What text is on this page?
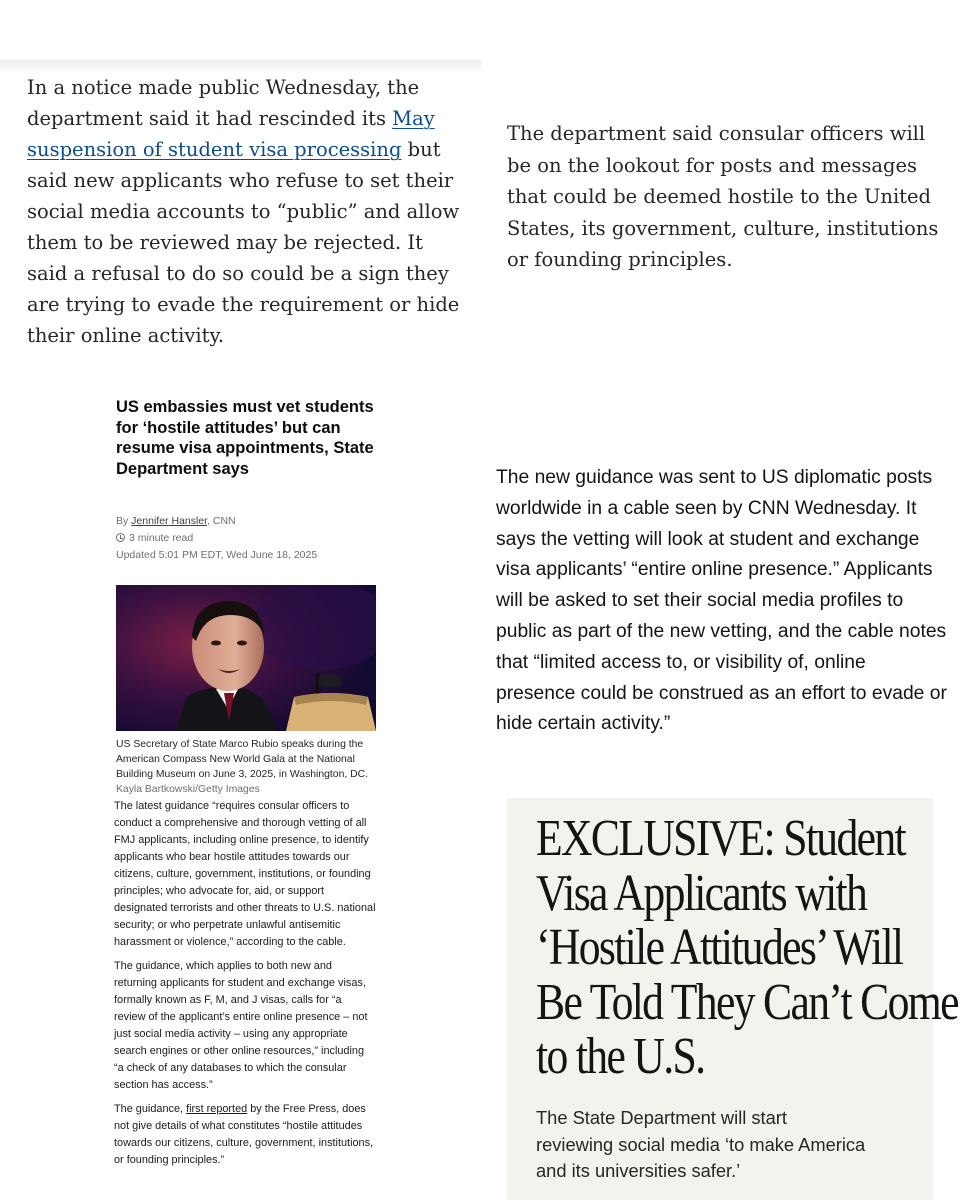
In a notice made public Wednesday, the department said it had rescinded its May suspension of student visa processing but said new applicants who refuse to set their social media accounts to “public” and allow them to be reviewed may be rejected. It said a refusal to do so could be a sign they are trying to evade the requirement or hide their online activity.

The department said consular officers will be on the lookout for posts and messages that could be deemed hostile to the United States, its government, culture, institutions or founding principles.

US embassies must vet students for ‘hostile attitudes’ but can resume visa appointments, State Department says
By Jennifer Hansler, CNN
3 minute read
Updated 5:01 PM EDT, Wed June 18, 2025
US Secretary of State Marco Rubio speaks during the American Compass New World Gala at the National Building Museum on June 3, 2025, in Washington, DC.
Kayla Bartkowski/Getty Images

The latest guidance “requires consular officers to conduct a comprehensive and thorough vetting of all FMJ applicants, including online presence, to identify applicants who bear hostile attitudes towards our citizens, culture, government, institutions, or founding principles; who advocate for, aid, or support designated terrorists and other threats to U.S. national security; or who perpetrate unlawful antisemitic harassment or violence,” according to the cable.

The guidance, which applies to both new and returning applicants for student and exchange visas, formally known as F, M, and J visas, calls for “a review of the applicant’s entire online presence – not just social media activity – using any appropriate search engines or other online resources,” including “a check of any databases to which the consular section has access.”

The guidance, first reported by the Free Press, does not give details of what constitutes “hostile attitudes towards our citizens, culture, government, institutions, or founding principles.”

The new guidance was sent to US diplomatic posts worldwide in a cable seen by CNN Wednesday. It says the vetting will look at student and exchange visa applicants’ “entire online presence.” Applicants will be asked to set their social media profiles to public as part of the new vetting, and the cable notes that “limited access to, or visibility of, online presence could be construed as an effort to evade or hide certain activity.”

EXCLUSIVE: Student
Visa Applicants with
‘Hostile Attitudes’ Will
Be Told They Can’t Come
to the U.S.

The State Department will start reviewing social media ‘to make America and its universities safer.’
